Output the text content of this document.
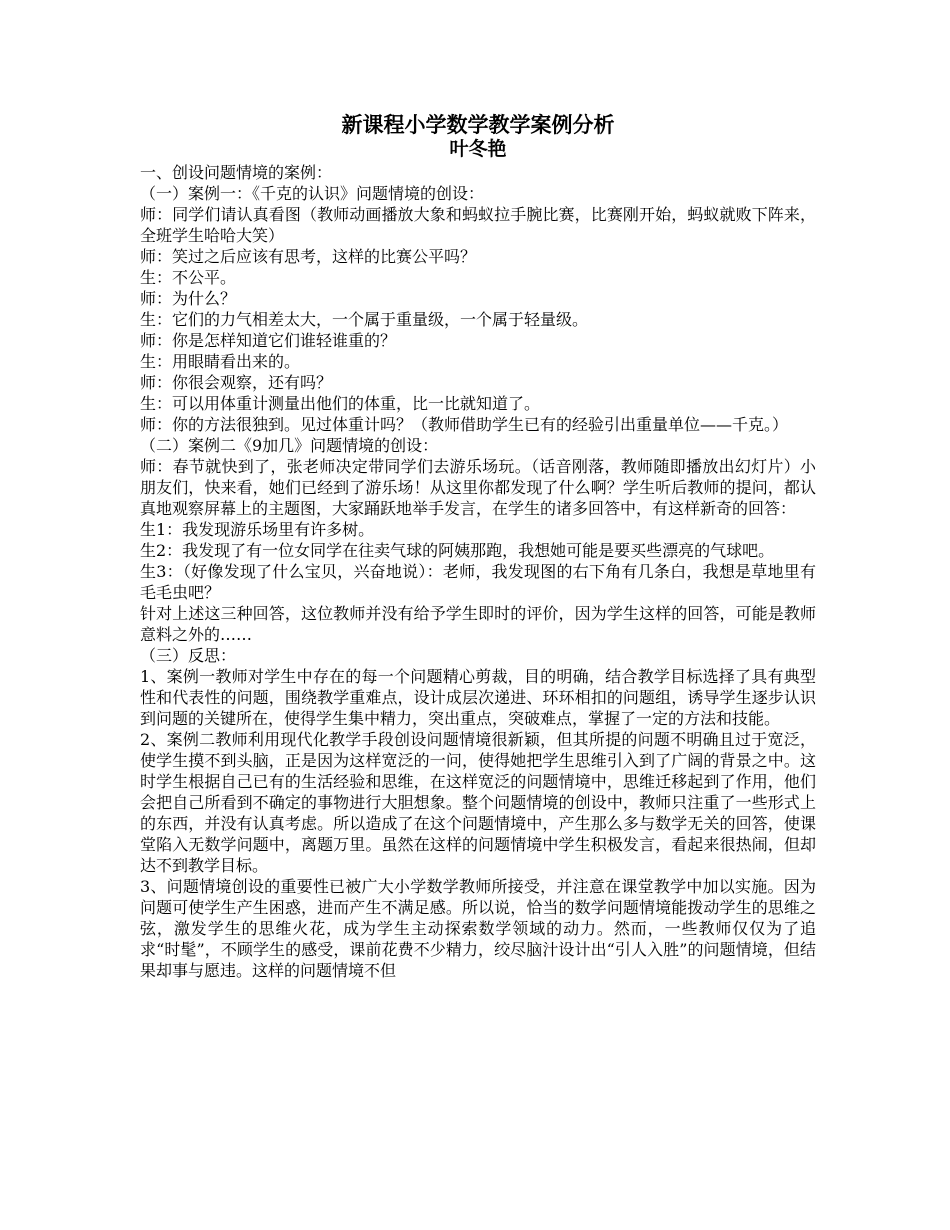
新课程小学数学教学案例分析
叶冬艳

一、创设问题情境的案例：

（一）案例一：《千克的认识》问题情境的创设：

师：同学们请认真看图（教师动画播放大象和蚂蚁拉手腕比赛，比赛刚开始，蚂蚁就败下阵来，全班学生哈哈大笑）

师：笑过之后应该有思考，这样的比赛公平吗？

生：不公平。

师：为什么？

生：它们的力气相差太大，一个属于重量级，一个属于轻量级。

师：你是怎样知道它们谁轻谁重的？

生：用眼睛看出来的。

师：你很会观察，还有吗？

生：可以用体重计测量出他们的体重，比一比就知道了。

师：你的方法很独到。见过体重计吗？（教师借助学生已有的经验引出重量单位——千克。）

（二）案例二《9加几》问题情境的创设：

师：春节就快到了，张老师决定带同学们去游乐场玩。（话音刚落，教师随即播放出幻灯片）小朋友们，快来看，她们已经到了游乐场！从这里你都发现了什么啊？学生听后教师的提问，都认真地观察屏幕上的主题图，大家踊跃地举手发言，在学生的诸多回答中，有这样新奇的回答：

生1：我发现游乐场里有许多树。

生2：我发现了有一位女同学在往卖气球的阿姨那跑，我想她可能是要买些漂亮的气球吧。

生3：（好像发现了什么宝贝，兴奋地说）：老师，我发现图的右下角有几条白，我想是草地里有毛毛虫吧？

针对上述这三种回答，这位教师并没有给予学生即时的评价，因为学生这样的回答，可能是教师意料之外的……

（三）反思：

1、案例一教师对学生中存在的每一个问题精心剪裁，目的明确，结合教学目标选择了具有典型性和代表性的问题，围绕教学重难点，设计成层次递进、环环相扣的问题组，诱导学生逐步认识到问题的关键所在，使得学生集中精力，突出重点，突破难点，掌握了一定的方法和技能。

2、案例二教师利用现代化教学手段创设问题情境很新颖，但其所提的问题不明确且过于宽泛，使学生摸不到头脑，正是因为这样宽泛的一问，使得她把学生思维引入到了广阔的背景之中。这时学生根据自己已有的生活经验和思维，在这样宽泛的问题情境中，思维迁移起到了作用，他们会把自己所看到不确定的事物进行大胆想象。整个问题情境的创设中，教师只注重了一些形式上的东西，并没有认真考虑。所以造成了在这个问题情境中，产生那么多与数学无关的回答，使课堂陷入无数学问题中，离题万里。虽然在这样的问题情境中学生积极发言，看起来很热闹，但却达不到教学目标。

3、问题情境创设的重要性已被广大小学数学教师所接受，并注意在课堂教学中加以实施。因为问题可使学生产生困惑，进而产生不满足感。所以说，恰当的数学问题情境能拨动学生的思维之弦，激发学生的思维火花，成为学生主动探索数学领域的动力。然而，一些教师仅仅为了追求“时髦”，不顾学生的感受，课前花费不少精力，绞尽脑汁设计出“引人入胜”的问题情境，但结果却事与愿违。这样的问题情境不但
